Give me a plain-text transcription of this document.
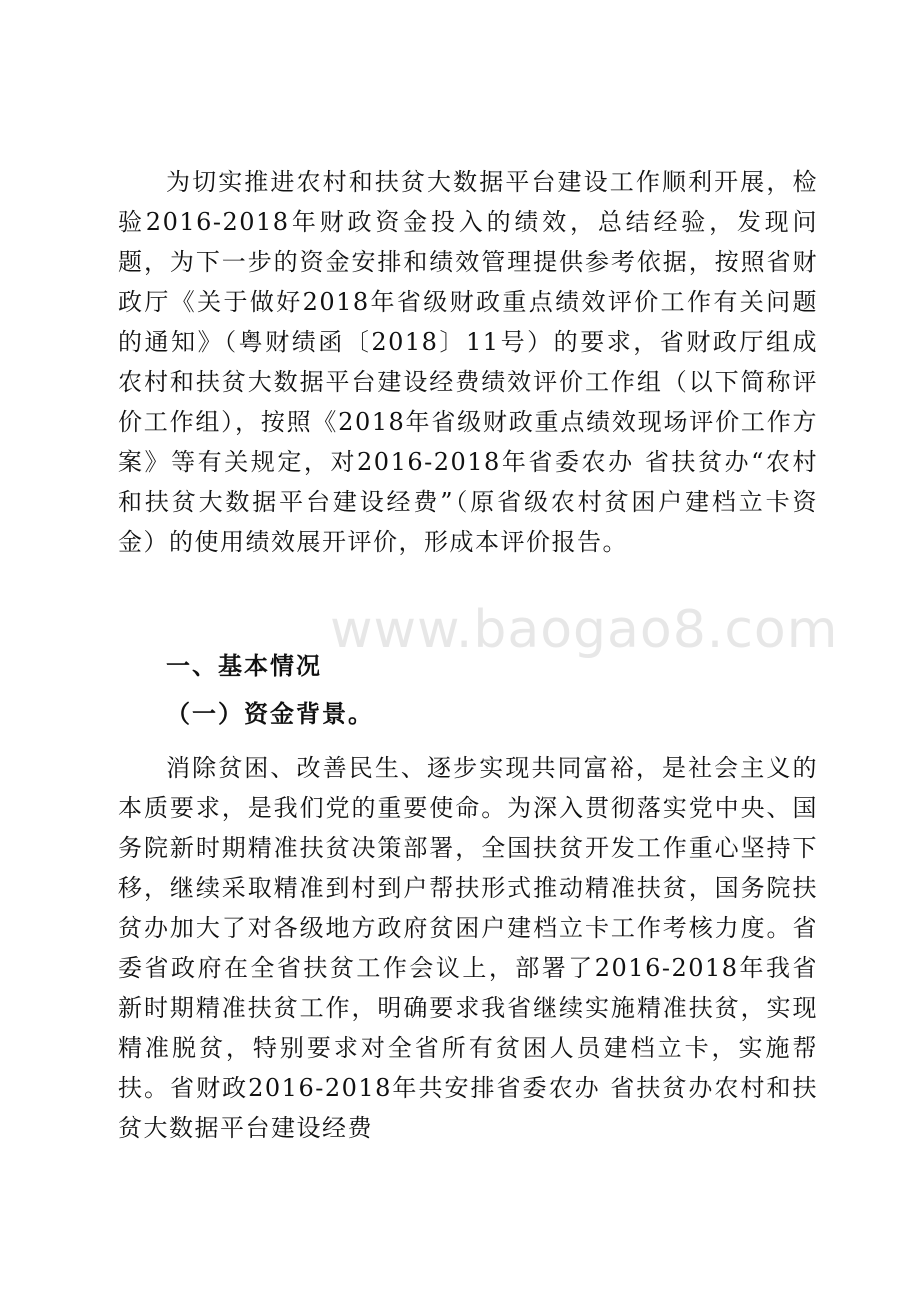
www.baogao8.com

为切实推进农村和扶贫大数据平台建设工作顺利开展，检验2016-2018年财政资金投入的绩效，总结经验，发现问题，为下一步的资金安排和绩效管理提供参考依据，按照省财政厅《关于做好2018年省级财政重点绩效评价工作有关问题的通知》（粤财绩函〔2018〕11号）的要求，省财政厅组成农村和扶贫大数据平台建设经费绩效评价工作组（以下简称评价工作组），按照《2018年省级财政重点绩效现场评价工作方案》等有关规定，对2016-2018年省委农办 省扶贫办“农村和扶贫大数据平台建设经费”（原省级农村贫困户建档立卡资金）的使用绩效展开评价，形成本评价报告。

一、基本情况
（一）资金背景。

消除贫困、改善民生、逐步实现共同富裕，是社会主义的本质要求，是我们党的重要使命。为深入贯彻落实党中央、国务院新时期精准扶贫决策部署，全国扶贫开发工作重心坚持下移，继续采取精准到村到户帮扶形式推动精准扶贫，国务院扶贫办加大了对各级地方政府贫困户建档立卡工作考核力度。省委省政府在全省扶贫工作会议上，部署了2016-2018年我省新时期精准扶贫工作，明确要求我省继续实施精准扶贫，实现精准脱贫，特别要求对全省所有贫困人员建档立卡，实施帮扶。省财政2016-2018年共安排省委农办 省扶贫办农村和扶贫大数据平台建设经费
